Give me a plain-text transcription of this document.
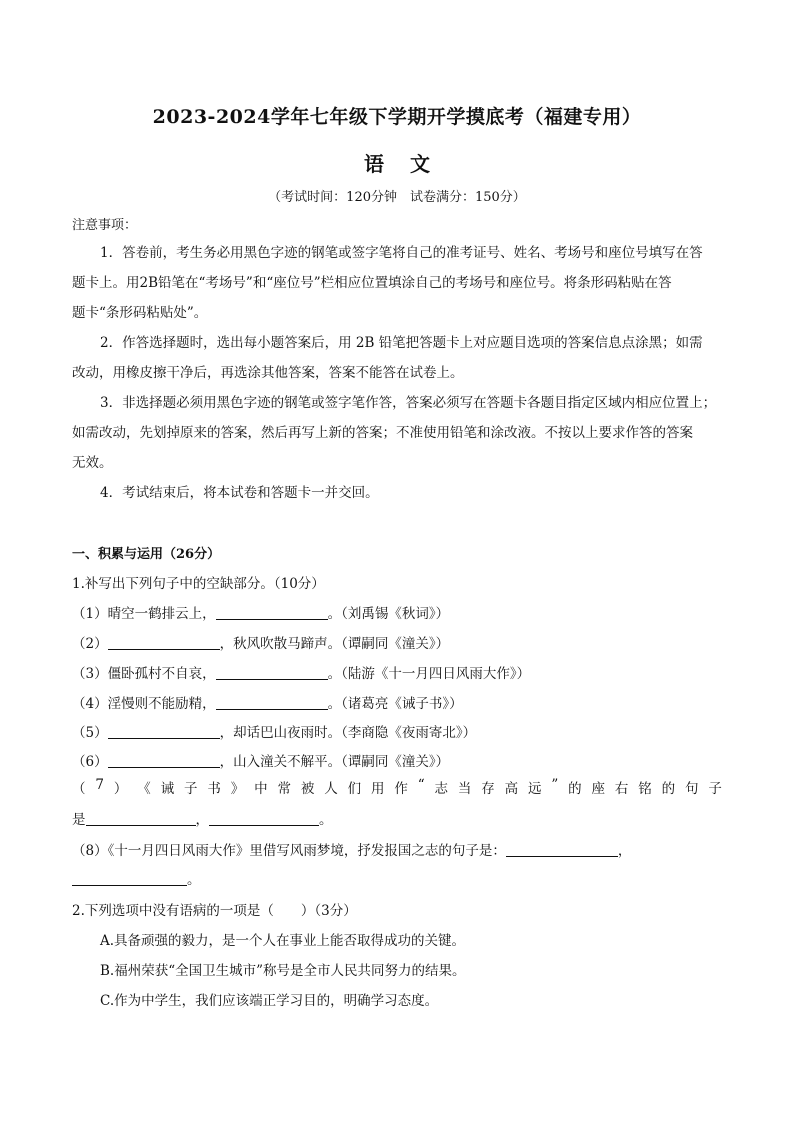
2023-2024学年七年级下学期开学摸底考（福建专用）
语文
（考试时间：120分钟　试卷满分：150分）
注意事项：
1．答卷前，考生务必用黑色字迹的钢笔或签字笔将自己的准考证号、姓名、考场号和座位号填写在答
题卡上。用2B铅笔在“考场号”和“座位号”栏相应位置填涂自己的考场号和座位号。将条形码粘贴在答
题卡“条形码粘贴处”。
2．作答选择题时，选出每小题答案后，用 2B 铅笔把答题卡上对应题目选项的答案信息点涂黑；如需
改动，用橡皮擦干净后，再选涂其他答案，答案不能答在试卷上。
3．非选择题必须用黑色字迹的钢笔或签字笔作答，答案必须写在答题卡各题目指定区域内相应位置上；
如需改动，先划掉原来的答案，然后再写上新的答案；不准使用铅笔和涂改液。不按以上要求作答的答案
无效。
4．考试结束后，将本试卷和答题卡一并交回。
一、积累与运用（26分）
1.补写出下列句子中的空缺部分。（10分）
（1）晴空一鹤排云上，	。（刘禹锡《秋词》）
（2）	，秋风吹散马蹄声。（谭嗣同《潼关》）
（3）僵卧孤村不自哀，	。（陆游《十一月四日风雨大作》）
（4）淫慢则不能励精，	。（诸葛亮《诫子书》）
（5）	，却话巴山夜雨时。（李商隐《夜雨寄北》）
（6）	，山入潼关不解平。（谭嗣同《潼关》）
（ 7 ） 《 诫 子 书 》 中 常 被 人 们 用 作 “ 志 当 存 高 远 ” 的 座 右 铭 的 句 子
是	，	。
（8）《十一月四日风雨大作》里借写风雨梦境，抒发报国之志的句子是：	，
。
2.下列选项中没有语病的一项是（　　）（3分）
A.具备顽强的毅力，是一个人在事业上能否取得成功的关键。
B.福州荣获“全国卫生城市”称号是全市人民共同努力的结果。
C.作为中学生，我们应该端正学习目的，明确学习态度。
